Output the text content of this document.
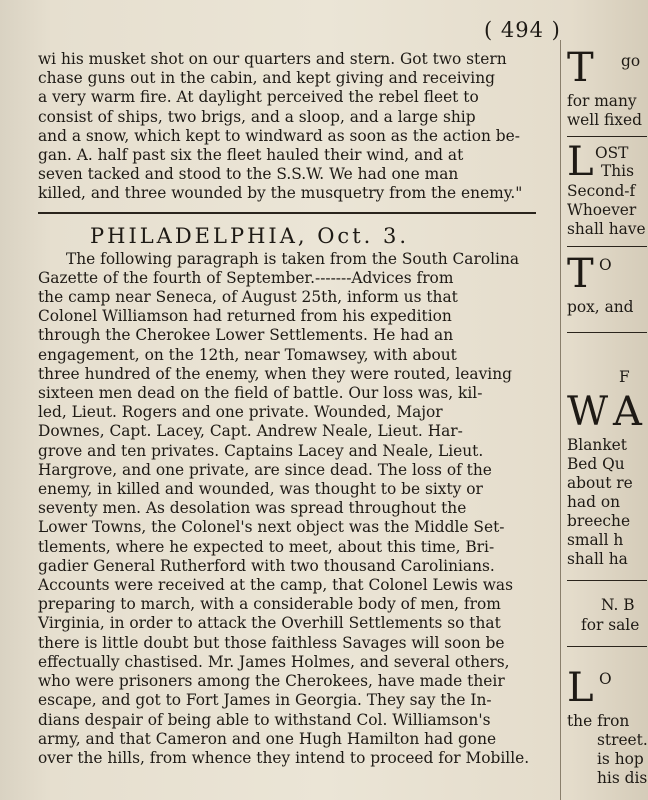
( 494 )

wi his musket shot on our quarters and stern. Got two stern
chase guns out in the cabin, and kept giving and receiving
a very warm fire. At daylight perceived the rebel fleet to
consist of ships, two brigs, and a sloop, and a large ship
and a snow, which kept to windward as soon as the action be-
gan. A. half past six the fleet hauled their wind, and at
seven tacked and stood to the S.S.W. We had one man
killed, and three wounded by the musquetry from the enemy."

PHILADELPHIA, Oct. 3.

The following paragraph is taken from the South Carolina
Gazette of the fourth of September.-------Advices from
the camp near Seneca, of August 25th, inform us that
Colonel Williamson had returned from his expedition
through the Cherokee Lower Settlements. He had an
engagement, on the 12th, near Tomawsey, with about
three hundred of the enemy, when they were routed, leaving
sixteen men dead on the field of battle. Our loss was, kil-
led, Lieut. Rogers and one private. Wounded, Major
Downes, Capt. Lacey, Capt. Andrew Neale, Lieut. Har-
grove and ten privates. Captains Lacey and Neale, Lieut.
Hargrove, and one private, are since dead. The loss of the
enemy, in killed and wounded, was thought to be sixty or
seventy men. As desolation was spread throughout the
Lower Towns, the Colonel's next object was the Middle Set-
tlements, where he expected to meet, about this time, Bri-
gadier General Rutherford with two thousand Carolinians.
Accounts were received at the camp, that Colonel Lewis was
preparing to march, with a considerable body of men, from
Virginia, in order to attack the Overhill Settlements so that
there is little doubt but those faithless Savages will soon be
effectually chastised. Mr. James Holmes, and several others,
who were prisoners among the Cherokees, have made their
escape, and got to Fort James in Georgia. They say the In-
dians despair of being able to withstand Col. Williamson's
army, and that Cameron and one Hugh Hamilton had gone
over the hills, from whence they intend to proceed for Mobille.

T go
for many
well fixed
L OST
This
Second-f
Whoever
shall have
T O
pox, and
F
W A
Blanket
Bed Qu
about re
had on
breeche
small h
shall ha
N. B
for sale
L O
the fron
street.
is hop
his dis
